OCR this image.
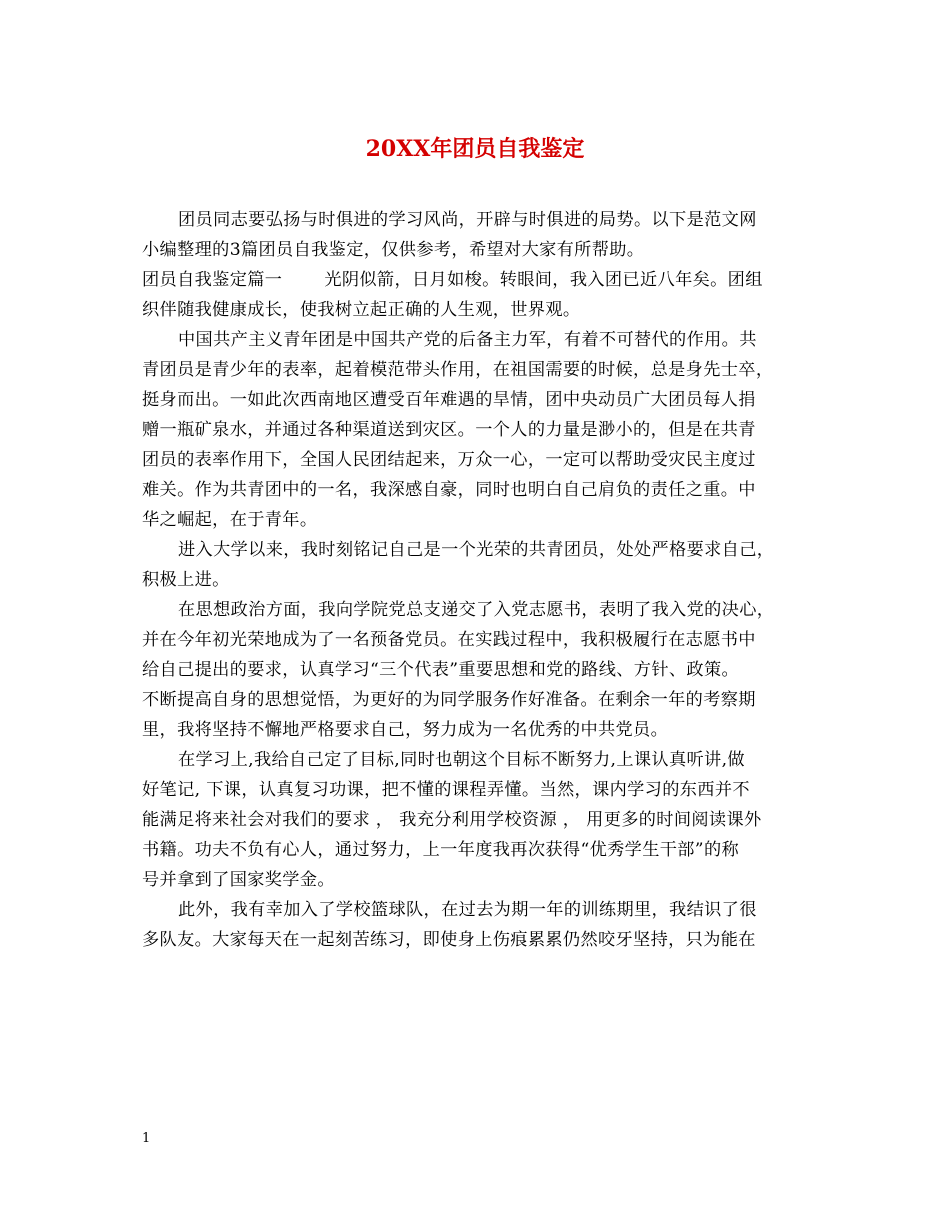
20XX年团员自我鉴定
团员同志要弘扬与时俱进的学习风尚，开辟与时俱进的局势。以下是范文网
小编整理的3篇团员自我鉴定，仅供参考，希望对大家有所帮助。
团员自我鉴定篇一 光阴似箭，日月如梭。转眼间，我入团已近八年矣。团组
织伴随我健康成长，使我树立起正确的人生观，世界观。
中国共产主义青年团是中国共产党的后备主力军，有着不可替代的作用。共
青团员是青少年的表率，起着模范带头作用，在祖国需要的时候，总是身先士卒，
挺身而出。一如此次西南地区遭受百年难遇的旱情，团中央动员广大团员每人捐
赠一瓶矿泉水，并通过各种渠道送到灾区。一个人的力量是渺小的，但是在共青
团员的表率作用下，全国人民团结起来，万众一心，一定可以帮助受灾民主度过
难关。作为共青团中的一名，我深感自豪，同时也明白自己肩负的责任之重。中
华之崛起，在于青年。
进入大学以来，我时刻铭记自己是一个光荣的共青团员，处处严格要求自己，
积极上进。
在思想政治方面，我向学院党总支递交了入党志愿书，表明了我入党的决心，
并在今年初光荣地成为了一名预备党员。在实践过程中，我积极履行在志愿书中
给自己提出的要求，认真学习“三个代表”重要思想和党的路线、方针、政策。
不断提高自身的思想觉悟，为更好的为同学服务作好准备。在剩余一年的考察期
里，我将坚持不懈地严格要求自己，努力成为一名优秀的中共党员。
在学习上,我给自己定了目标,同时也朝这个目标不断努力,上课认真听讲,做
好笔记, 下课，认真复习功课，把不懂的课程弄懂。当然，课内学习的东西并不
能满足将来社会对我们的要求 ， 我充分利用学校资源 ， 用更多的时间阅读课外
书籍。功夫不负有心人，通过努力，上一年度我再次获得“优秀学生干部”的称
号并拿到了国家奖学金。
此外，我有幸加入了学校篮球队，在过去为期一年的训练期里，我结识了很
多队友。大家每天在一起刻苦练习，即使身上伤痕累累仍然咬牙坚持，只为能在
1
